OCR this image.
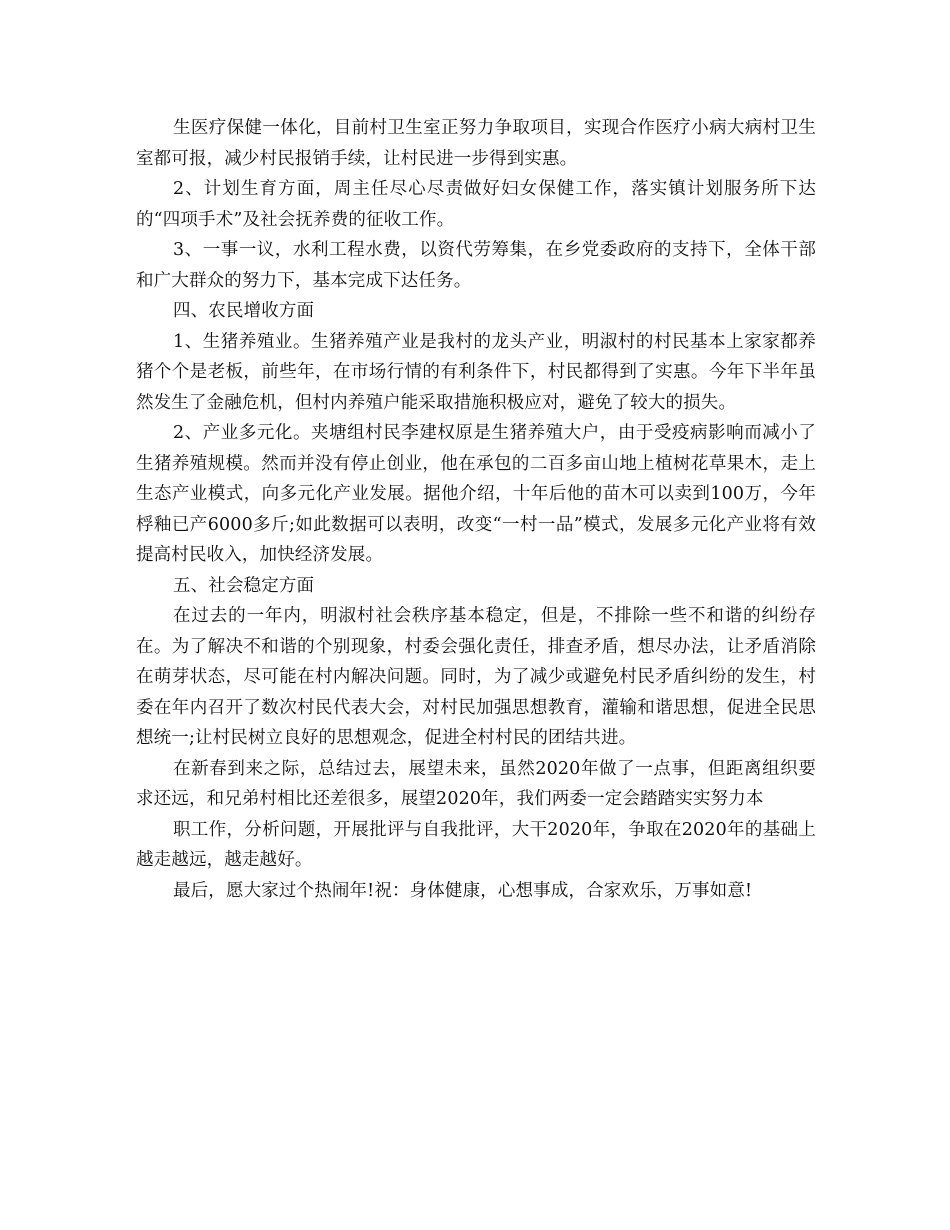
生医疗保健一体化，目前村卫生室正努力争取项目，实现合作医疗小病大病村卫生室都可报，减少村民报销手续，让村民进一步得到实惠。

2、计划生育方面，周主任尽心尽责做好妇女保健工作，落实镇计划服务所下达的“四项手术”及社会抚养费的征收工作。

3、一事一议，水利工程水费，以资代劳筹集，在乡党委政府的支持下，全体干部和广大群众的努力下，基本完成下达任务。

四、农民增收方面

1、生猪养殖业。生猪养殖产业是我村的龙头产业，明淑村的村民基本上家家都养猪个个是老板，前些年，在市场行情的有利条件下，村民都得到了实惠。今年下半年虽然发生了金融危机，但村内养殖户能采取措施积极应对，避免了较大的损失。

2、产业多元化。夹塘组村民李建权原是生猪养殖大户，由于受疫病影响而减小了生猪养殖规模。然而并没有停止创业，他在承包的二百多亩山地上植树花草果木，走上生态产业模式，向多元化产业发展。据他介绍，十年后他的苗木可以卖到100万，今年桴釉已产6000多斤;如此数据可以表明，改变“一村一品”模式，发展多元化产业将有效提高村民收入，加快经济发展。

五、社会稳定方面

在过去的一年内，明淑村社会秩序基本稳定，但是，不排除一些不和谐的纠纷存在。为了解决不和谐的个别现象，村委会强化责任，排查矛盾，想尽办法，让矛盾消除在萌芽状态，尽可能在村内解决问题。同时，为了减少或避免村民矛盾纠纷的发生，村委在年内召开了数次村民代表大会，对村民加强思想教育，灌输和谐思想，促进全民思想统一;让村民树立良好的思想观念，促进全村村民的团结共进。

在新春到来之际，总结过去，展望未来，虽然2020年做了一点事，但距离组织要求还远，和兄弟村相比还差很多，展望2020年，我们两委一定会踏踏实实努力本

职工作，分析问题，开展批评与自我批评，大干2020年，争取在2020年的基础上越走越远，越走越好。

最后，愿大家过个热闹年!祝：身体健康，心想事成，合家欢乐，万事如意!
